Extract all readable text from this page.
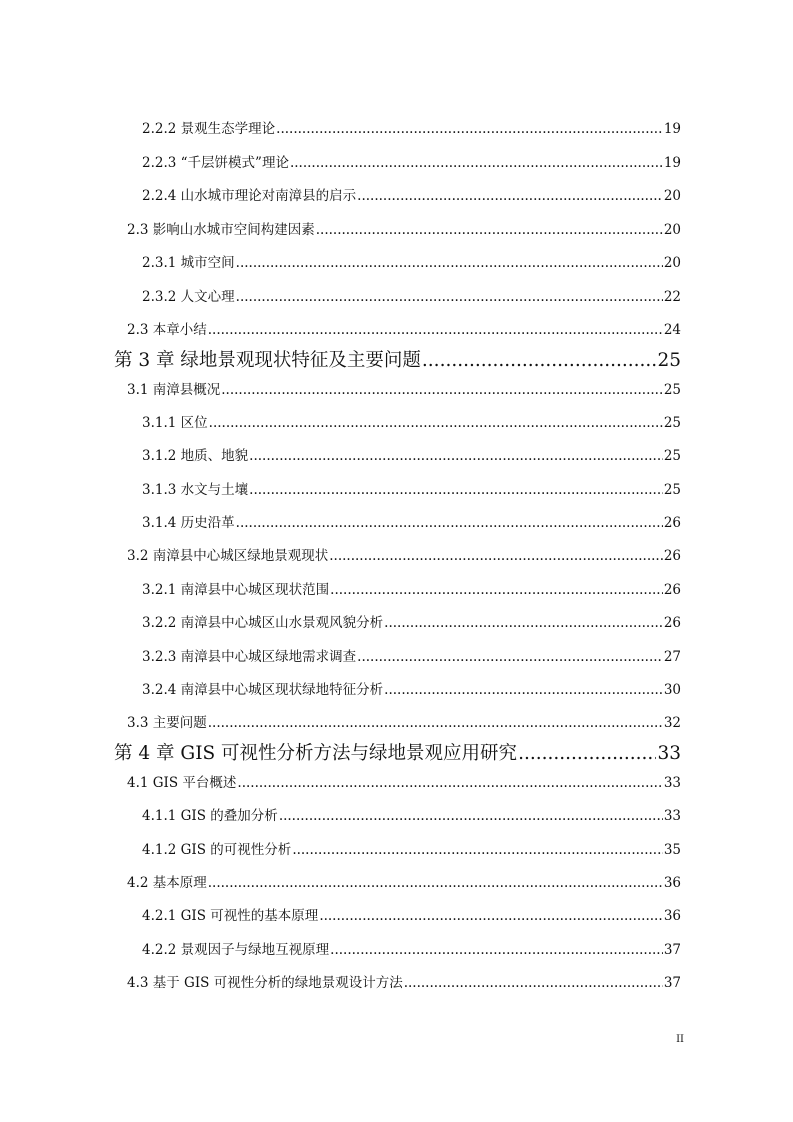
2.2.2 景观生态学理论 .....	19
2.2.3 “千层饼模式”理论 .....	19
2.2.4 山水城市理论对南漳县的启示 .....	20
2.3 影响山水城市空间构建因素 .....	20
2.3.1 城市空间 .....	20
2.3.2 人文心理 .....	22
2.3 本章小结 .....	24
第 3 章 绿地景观现状特征及主要问题 .....	25
3.1 南漳县概况 .....	25
3.1.1 区位 .....	25
3.1.2 地质、地貌 .....	25
3.1.3 水文与土壤 .....	25
3.1.4 历史沿革 .....	26
3.2 南漳县中心城区绿地景观现状 .....	26
3.2.1 南漳县中心城区现状范围 .....	26
3.2.2 南漳县中心城区山水景观风貌分析 .....	26
3.2.3 南漳县中心城区绿地需求调查 .....	27
3.2.4 南漳县中心城区现状绿地特征分析 .....	30
3.3 主要问题 .....	32
第 4 章 GIS 可视性分析方法与绿地景观应用研究 .....	33
4.1 GIS 平台概述 .....	33
4.1.1 GIS 的叠加分析 .....	33
4.1.2 GIS 的可视性分析 .....	35
4.2 基本原理 .....	36
4.2.1 GIS 可视性的基本原理 .....	36
4.2.2 景观因子与绿地互视原理 .....	37
4.3 基于 GIS 可视性分析的绿地景观设计方法 .....	37
II
